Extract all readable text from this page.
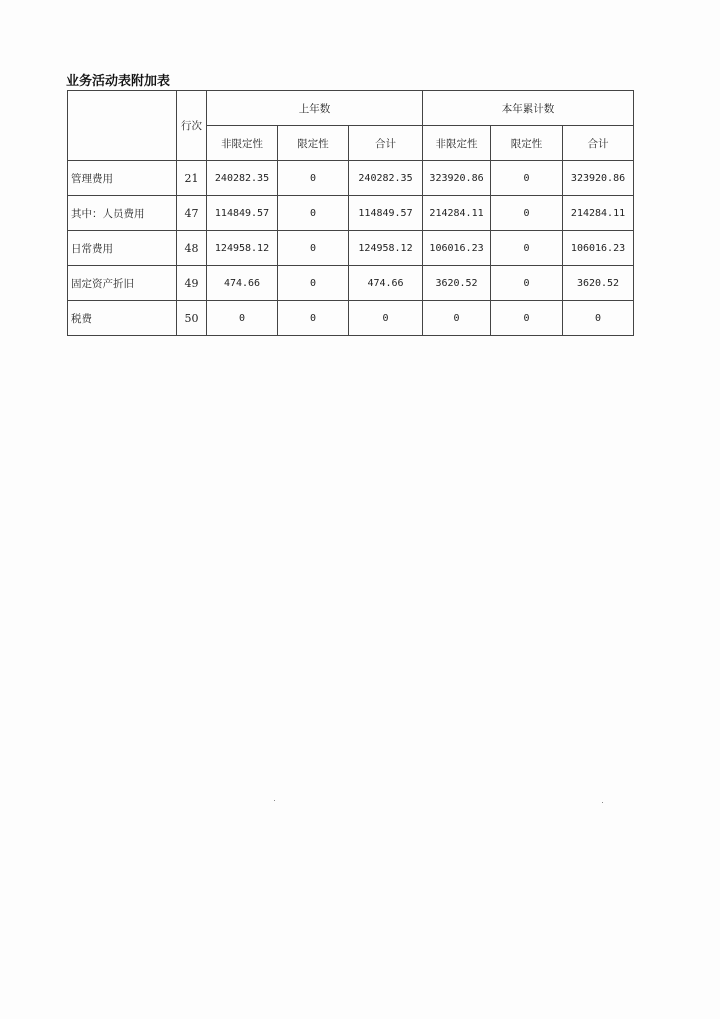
业务活动表附加表
	行次	上年数			本年累计数		
		非限定性	限定性	合计	非限定性	限定性	合计
管理费用	21	240282.35	0	240282.35	323920.86	0	323920.86
其中：人员费用	47	114849.57	0	114849.57	214284.11	0	214284.11
日常费用	48	124958.12	0	124958.12	106016.23	0	106016.23
固定资产折旧	49	474.66	0	474.66	3620.52	0	3620.52
税费	50	0	0	0	0	0	0
